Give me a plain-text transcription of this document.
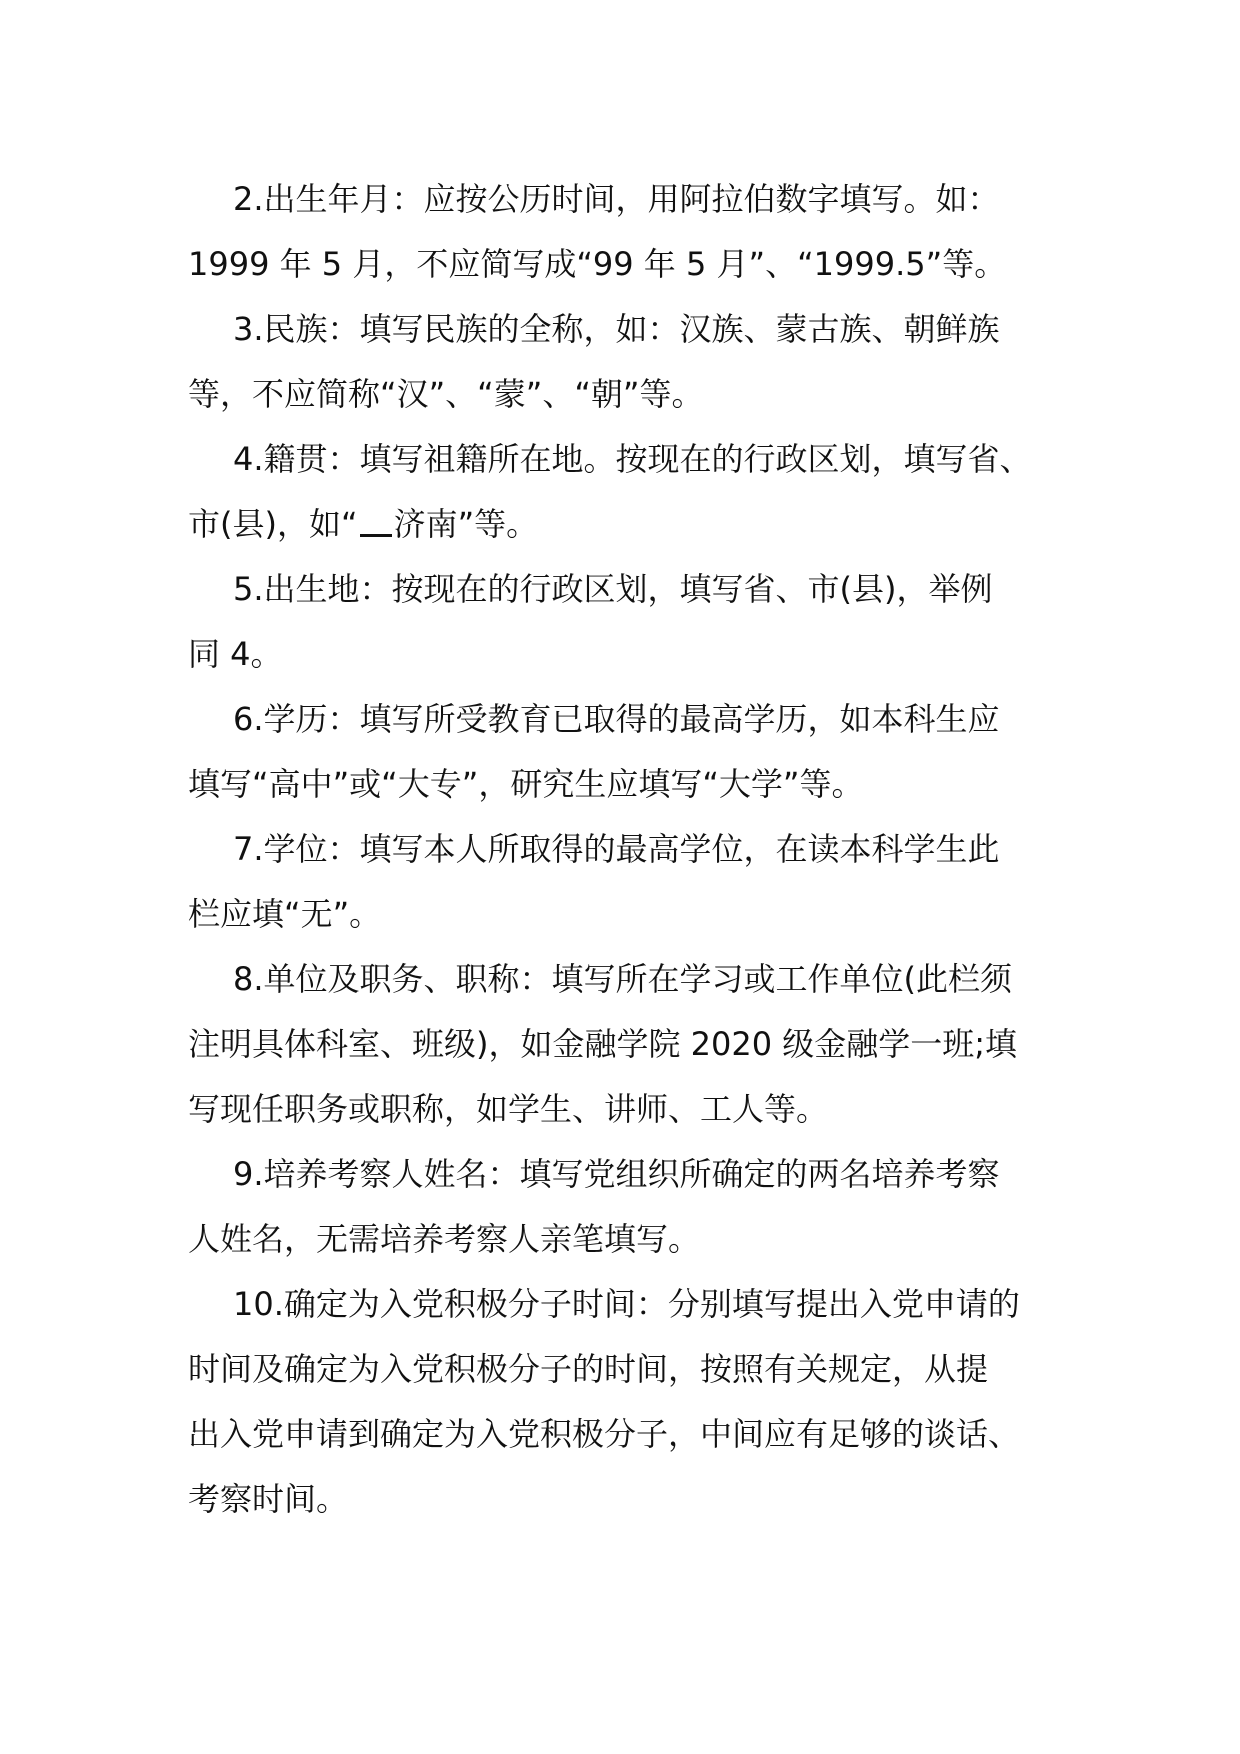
2.出生年月：应按公历时间，用阿拉伯数字填写。如：
1999 年 5 月，不应简写成“99 年 5 月”、“1999.5”等。

3.民族：填写民族的全称，如：汉族、蒙古族、朝鲜族
等，不应简称“汉”、“蒙”、“朝”等。

4.籍贯：填写祖籍所在地。按现在的行政区划，填写省、
市(县)，如“ 济南”等。

5.出生地：按现在的行政区划，填写省、市(县)，举例
同 4。

6.学历：填写所受教育已取得的最高学历，如本科生应
填写“高中”或“大专”，研究生应填写“大学”等。

7.学位：填写本人所取得的最高学位，在读本科学生此
栏应填“无”。

8.单位及职务、职称：填写所在学习或工作单位(此栏须
注明具体科室、班级)，如金融学院 2020 级金融学一班;填
写现任职务或职称，如学生、讲师、工人等。

9.培养考察人姓名：填写党组织所确定的两名培养考察
人姓名，无需培养考察人亲笔填写。

10.确定为入党积极分子时间：分别填写提出入党申请的
时间及确定为入党积极分子的时间，按照有关规定，从提
出入党申请到确定为入党积极分子，中间应有足够的谈话、
考察时间。
